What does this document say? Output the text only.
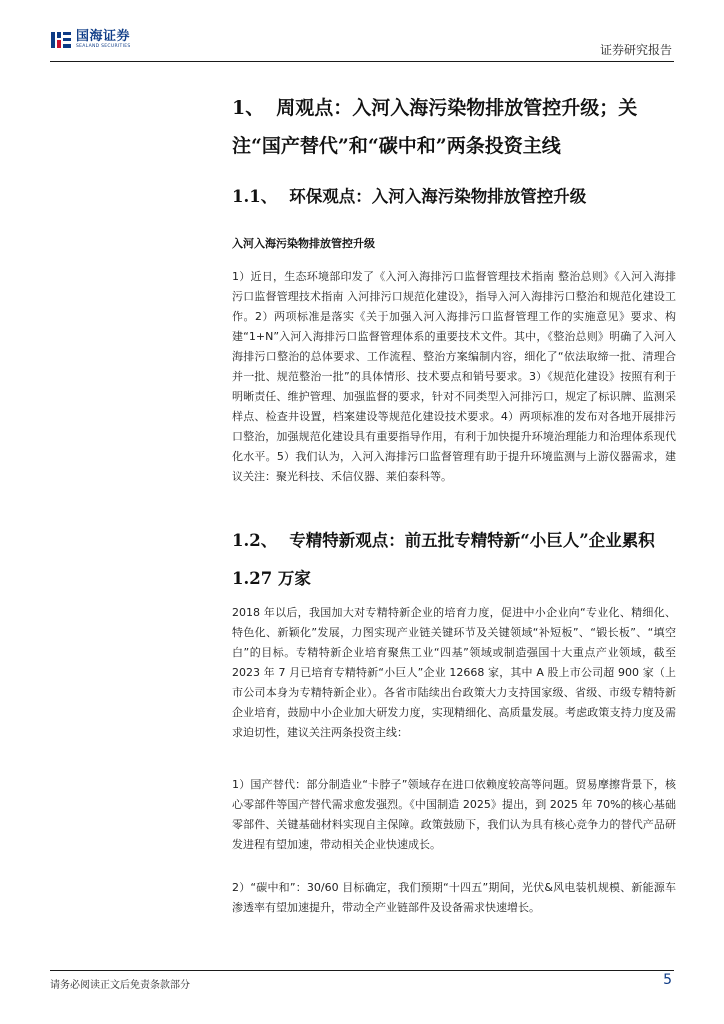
国海证券
SEALAND SECURITIES	证券研究报告
1、 周观点：入河入海污染物排放管控升级；关注“国产替代”和“碳中和”两条投资主线
1.1、 环保观点：入河入海污染物排放管控升级
入河入海污染物排放管控升级

1）近日，生态环境部印发了《入河入海排污口监督管理技术指南 整治总则》《入河入海排污口监督管理技术指南 入河排污口规范化建设》，指导入河入海排污口整治和规范化建设工作。2）两项标准是落实《关于加强入河入海排污口监督管理工作的实施意见》要求、构建“1+N”入河入海排污口监督管理体系的重要技术文件。其中，《整治总则》明确了入河入海排污口整治的总体要求、工作流程、整治方案编制内容，细化了“依法取缔一批、清理合并一批、规范整治一批”的具体情形、技术要点和销号要求。3）《规范化建设》按照有利于明晰责任、维护管理、加强监督的要求，针对不同类型入河排污口，规定了标识牌、监测采样点、检查井设置，档案建设等规范化建设技术要求。4）两项标准的发布对各地开展排污口整治，加强规范化建设具有重要指导作用，有利于加快提升环境治理能力和治理体系现代化水平。5）我们认为，入河入海排污口监督管理有助于提升环境监测与上游仪器需求，建议关注：聚光科技、禾信仪器、莱伯泰科等。

1.2、 专精特新观点：前五批专精特新“小巨人”企业累积 1.27 万家

2018 年以后，我国加大对专精特新企业的培育力度，促进中小企业向“专业化、精细化、特色化、新颖化”发展，力图实现产业链关键环节及关键领域“补短板”、“锻长板”、“填空白”的目标。专精特新企业培育聚焦工业“四基”领域或制造强国十大重点产业领域，截至 2023 年 7 月已培育专精特新“小巨人”企业 12668 家，其中 A 股上市公司超 900 家（上市公司本身为专精特新企业）。各省市陆续出台政策大力支持国家级、省级、市级专精特新企业培育，鼓励中小企业加大研发力度，实现精细化、高质量发展。考虑政策支持力度及需求迫切性，建议关注两条投资主线：

1）国产替代：部分制造业“卡脖子”领域存在进口依赖度较高等问题。贸易摩擦背景下，核心零部件等国产替代需求愈发强烈。《中国制造 2025》提出，到 2025 年 70%的核心基础零部件、关键基础材料实现自主保障。政策鼓励下，我们认为具有核心竞争力的替代产品研发进程有望加速，带动相关企业快速成长。

2）“碳中和”：30/60 目标确定，我们预期“十四五”期间，光伏&风电装机规模、新能源车渗透率有望加速提升，带动全产业链部件及设备需求快速增长。

请务必阅读正文后免责条款部分	5
